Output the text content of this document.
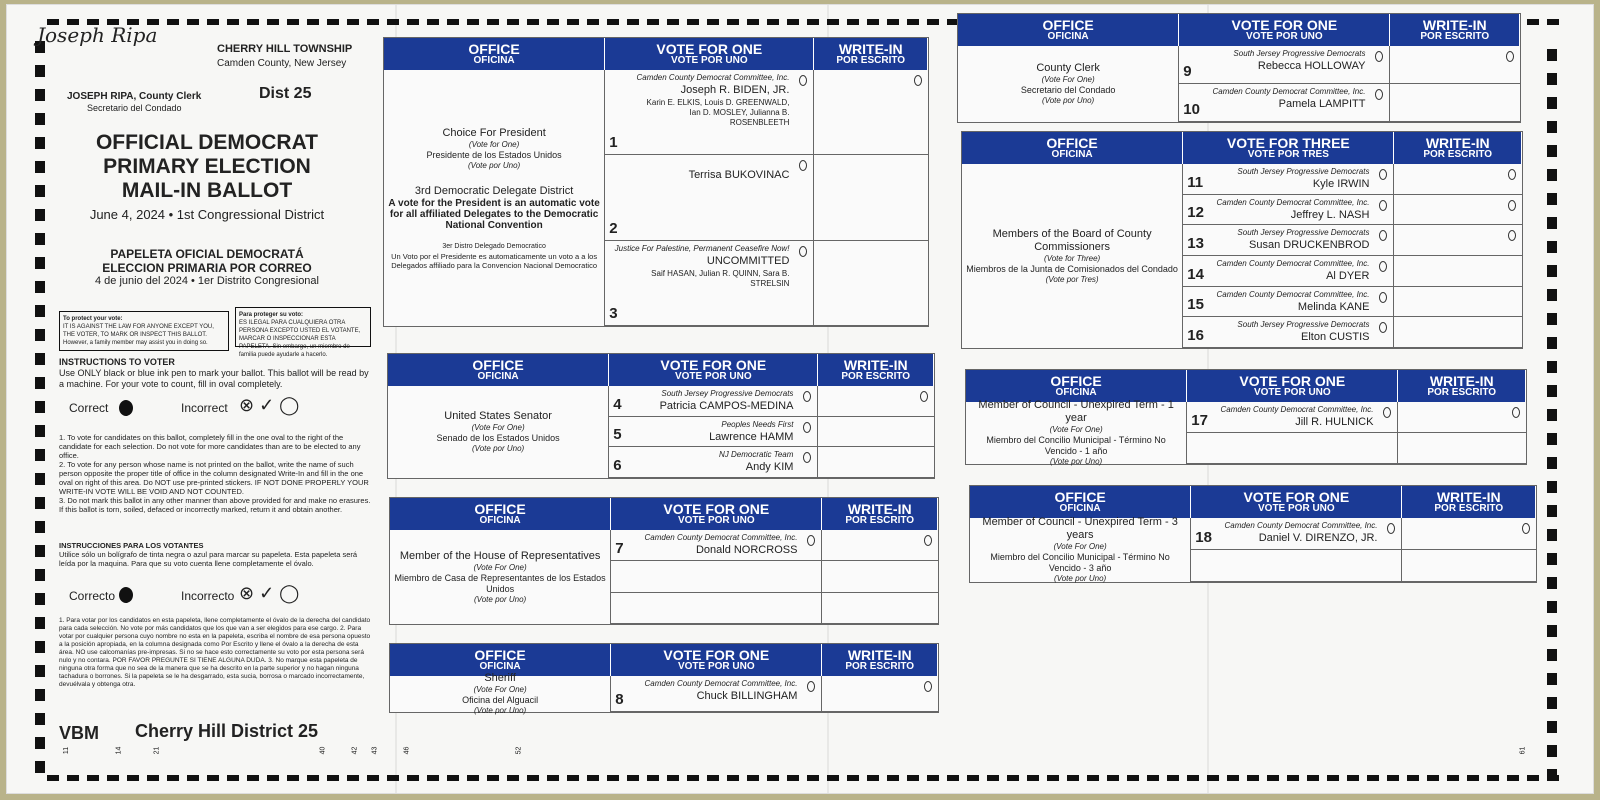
Joseph Ripa
JOSEPH RIPA, County Clerk
Secretario del Condado
CHERRY HILL TOWNSHIP
Camden County, New Jersey
Dist 25
OFFICIAL DEMOCRAT
PRIMARY ELECTION
MAIL-IN BALLOT
June 4, 2024 • 1st Congressional District
PAPELETA OFICIAL DEMOCRATÁ
ELECCION PRIMARIA POR CORREO
4 de junio del 2024 • 1er Distrito Congresional
To protect your vote:
IT IS AGAINST THE LAW FOR ANYONE EXCEPT YOU, THE VOTER, TO MARK OR INSPECT THIS BALLOT. However, a family member may assist you in doing so.
Para proteger su voto:
ES ILEGAL PARA CUALQUIERA OTRA PERSONA EXCEPTO USTED EL VOTANTE, MARCAR O INSPECCIONAR ESTA PAPELETA. Sin embargo, un miembro de familia puede ayudarle a hacerlo.
INSTRUCTIONS TO VOTER
Use ONLY black or blue ink pen to mark your ballot. This ballot will be read by a machine. For your vote to count, fill in oval completely.
Correct	Incorrect ⊗ ✓ ◯
1. To vote for candidates on this ballot, completely fill in the one oval to the right of the candidate for each selection. Do not vote for more candidates than are to be elected to any office.
2. To vote for any person whose name is not printed on the ballot, write the name of such person opposite the proper title of office in the column designated Write-In and fill in the one oval on right of this area. Do NOT use pre-printed stickers. IF NOT DONE PROPERLY YOUR WRITE-IN VOTE WILL BE VOID AND NOT COUNTED.
3. Do not mark this ballot in any other manner than above provided for and make no erasures. If this ballot is torn, soiled, defaced or incorrectly marked, return it and obtain another.
INSTRUCCIONES PARA LOS VOTANTES
Utilice sólo un bolígrafo de tinta negra o azul para marcar su papeleta. Esta papeleta será leída por la maquina. Para que su voto cuenta llene completamente el óvalo.
Correcto	Incorrecto ⊗ ✓ ◯
1. Para votar por los candidatos en esta papeleta, llene completamente el óvalo de la derecha del candidato para cada selección. No vote por más candidatos que los que van a ser elegidos para ese cargo. 2. Para votar por cualquier persona cuyo nombre no esta en la papeleta, escriba el nombre de esa persona opuesto a la posición apropiada, en la columna designada como Por Escrito y llene el óvalo a la derecha de esta área. NO use calcomanías pre-impresas. Si no se hace esto correctamente su voto por esta persona será nulo y no contara. POR FAVOR PREGUNTE SI TIENE ALGUNA DUDA. 3. No marque esta papeleta de ninguna otra forma que no sea de la manera que se ha descrito en la parte superior y no hagan ninguna tachadura o borrones. Si la papeleta se le ha desgarrado, esta sucia, borrosa o marcado incorrectamente, devuélvala y obtenga otra.
VBM Cherry Hill District 25
OFFICE
OFICINA
VOTE FOR ONE
VOTE POR UNO
WRITE-IN
POR ESCRITO
Choice For President
(Vote for One)
Presidente de los Estados Unidos
(Vote por Uno)
3rd Democratic Delegate District
A vote for the President is an automatic vote for all affiliated Delegates to the Democratic National Convention
3er Distro Delegado Democratico
Un Voto por el Presidente es automaticamente un voto a a los Delegados affiliado para la Convencion Nacional Democratico
1
Camden County Democrat Committee, Inc.
Joseph R. BIDEN, JR.
Karin E. ELKIS, Louis D. GREENWALD, Ian D. MOSLEY, Julianna B. ROSENBLEETH
2
Terrisa BUKOVINAC
3
Justice For Palestine, Permanent Ceasefire Now!
UNCOMMITTED
Saif HASAN, Julian R. QUINN, Sara B. STRELSIN
OFFICE
OFICINA
VOTE FOR ONE
VOTE POR UNO
WRITE-IN
POR ESCRITO
United States Senator
(Vote For One)
Senado de los Estados Unidos
(Vote por Uno)
4
South Jersey Progressive Democrats
Patricia CAMPOS-MEDINA
5
Peoples Needs First
Lawrence HAMM
6
NJ Democratic Team
Andy KIM
OFFICE
OFICINA
VOTE FOR ONE
VOTE POR UNO
WRITE-IN
POR ESCRITO
Member of the House of Representatives
(Vote For One)
Miembro de Casa de Representantes de los Estados Unidos
(Vote por Uno)
7
Camden County Democrat Committee, Inc.
Donald NORCROSS
OFFICE
OFICINA
VOTE FOR ONE
VOTE POR UNO
WRITE-IN
POR ESCRITO
Sheriff
(Vote For One)
Oficina del Alguacil
(Vote por Uno)
8
Camden County Democrat Committee, Inc.
Chuck BILLINGHAM
OFFICE
OFICINA
VOTE FOR ONE
VOTE POR UNO
WRITE-IN
POR ESCRITO
County Clerk
(Vote For One)
Secretario del Condado
(Vote por Uno)
9
South Jersey Progressive Democrats
Rebecca HOLLOWAY
10
Camden County Democrat Committee, Inc.
Pamela LAMPITT
OFFICE
OFICINA
VOTE FOR THREE
VOTE POR TRES
WRITE-IN
POR ESCRITO
Members of the Board of County Commissioners
(Vote for Three)
Miembros de la Junta de Comisionados del Condado
(Vote por Tres)
11
South Jersey Progressive Democrats
Kyle IRWIN
12
Camden County Democrat Committee, Inc.
Jeffrey L. NASH
13
South Jersey Progressive Democrats
Susan DRUCKENBROD
14
Camden County Democrat Committee, Inc.
Al DYER
15
Camden County Democrat Committee, Inc.
Melinda KANE
16
South Jersey Progressive Democrats
Elton CUSTIS
OFFICE
OFICINA
VOTE FOR ONE
VOTE POR UNO
WRITE-IN
POR ESCRITO
Member of Council - Unexpired Term - 1 year
(Vote For One)
Miembro del Concilio Municipal - Término No Vencido - 1 año
(Vote por Uno)
17
Camden County Democrat Committee, Inc.
Jill R. HULNICK
OFFICE
OFICINA
VOTE FOR ONE
VOTE POR UNO
WRITE-IN
POR ESCRITO
Member of Council - Unexpired Term - 3 years
(Vote For One)
Miembro del Concilio Municipal - Término No Vencido - 3 año
(Vote por Uno)
18
Camden County Democrat Committee, Inc.
Daniel V. DIRENZO, JR.
11	14	21	40	42 43	46	52	61
